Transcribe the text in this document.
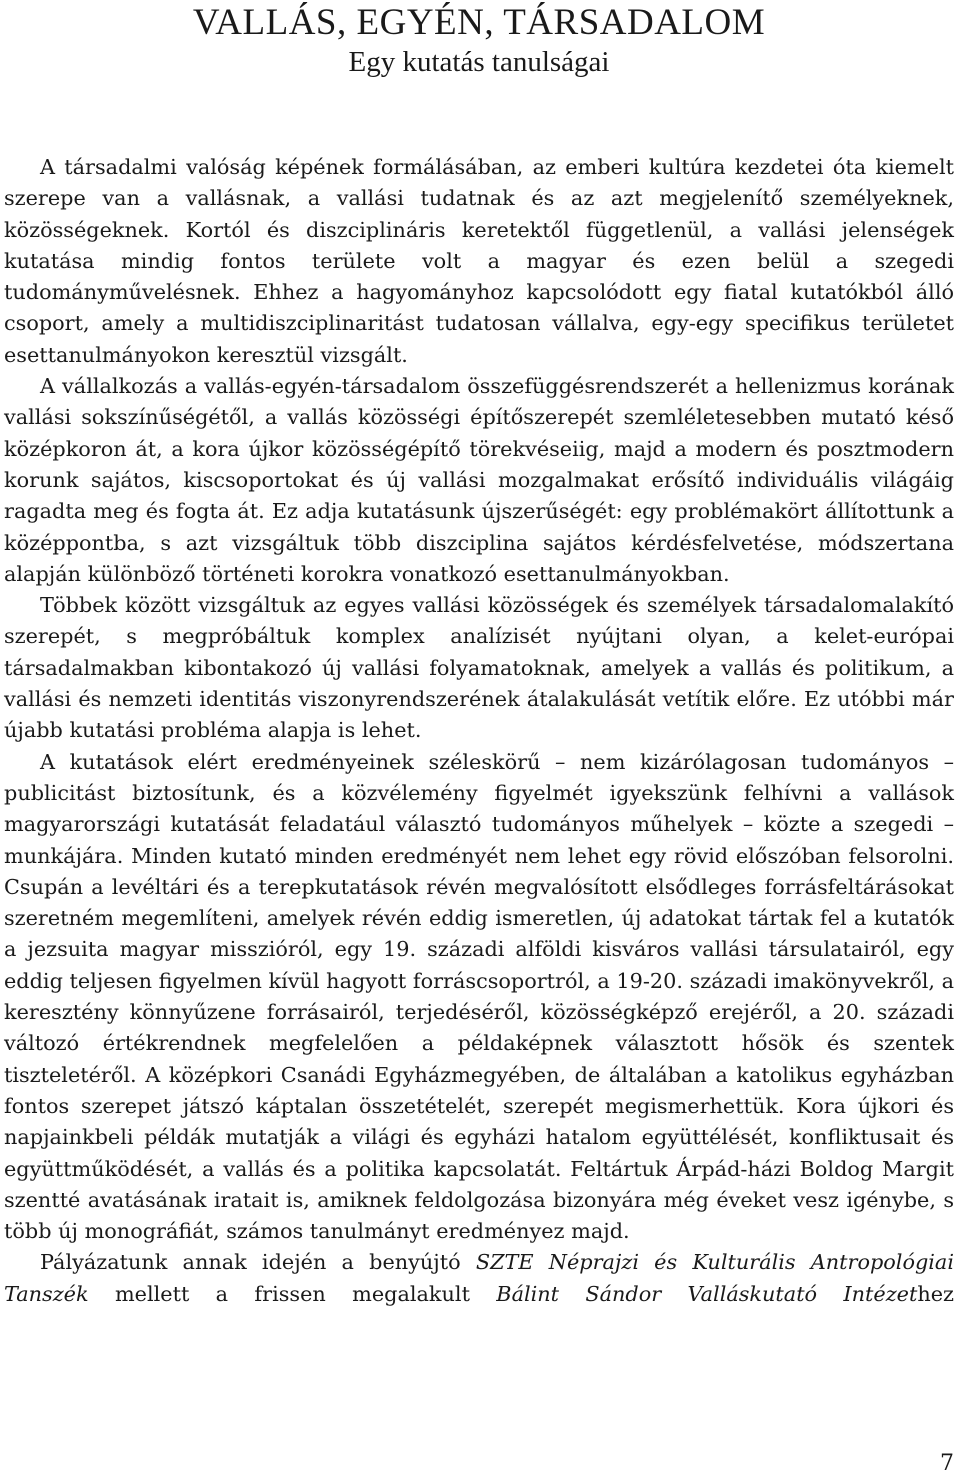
VALLÁS, EGYÉN, TÁRSADALOM
Egy kutatás tanulságai

A társadalmi valóság képének formálásában, az emberi kultúra kezdetei óta kiemelt szerepe van a vallásnak, a vallási tudatnak és az azt megjelenítő személyeknek, közösségeknek. Kortól és diszciplináris keretektől függetlenül, a vallási jelenségek kutatása mindig fontos területe volt a magyar és ezen belül a szegedi tudományművelésnek. Ehhez a hagyományhoz kapcsolódott egy fiatal kutatókból álló csoport, amely a multidiszciplinaritást tudatosan vállalva, egy-egy specifikus területet esettanulmányokon keresztül vizsgált.

A vállalkozás a vallás-egyén-társadalom összefüggésrendszerét a hellenizmus korának vallási sokszínűségétől, a vallás közösségi építőszerepét szemléletesebben mutató késő középkoron át, a kora újkor közösségépítő törekvéseiig, majd a modern és posztmodern korunk sajátos, kiscsoportokat és új vallási mozgalmakat erősítő individuális világáig ragadta meg és fogta át. Ez adja kutatásunk újszerűségét: egy problémakört állítottunk a középpontba, s azt vizsgáltuk több diszciplina sajátos kérdésfelvetése, módszertana alapján különböző történeti korokra vonatkozó esettanulmányokban.

Többek között vizsgáltuk az egyes vallási közösségek és személyek társadalomalakító szerepét, s megpróbáltuk komplex analízisét nyújtani olyan, a kelet-európai társadalmakban kibontakozó új vallási folyamatoknak, amelyek a vallás és politikum, a vallási és nemzeti identitás viszonyrendszerének átalakulását vetítik előre. Ez utóbbi már újabb kutatási probléma alapja is lehet.

A kutatások elért eredményeinek széleskörű – nem kizárólagosan tudományos – publicitást biztosítunk, és a közvélemény figyelmét igyekszünk felhívni a vallások magyarországi kutatását feladatául választó tudományos műhelyek – közte a szegedi – munkájára. Minden kutató minden eredményét nem lehet egy rövid előszóban felsorolni. Csupán a levéltári és a terepkutatások révén megvalósított elsődleges forrásfeltárásokat szeretném megemlíteni, amelyek révén eddig ismeretlen, új adatokat tártak fel a kutatók a jezsuita magyar misszióról, egy 19. századi alföldi kisváros vallási társulatairól, egy eddig teljesen figyelmen kívül hagyott forráscsoportról, a 19-20. századi imakönyvekről, a keresztény könnyűzene forrásairól, terjedéséről, közösségképző erejéről, a 20. századi változó értékrendnek megfelelően a példaképnek választott hősök és szentek tiszteletéről. A középkori Csanádi Egyházmegyében, de általában a katolikus egyházban fontos szerepet játszó káptalan összetételét, szerepét megismerhettük. Kora újkori és napjainkbeli példák mutatják a világi és egyházi hatalom együttélését, konfliktusait és együttműködését, a vallás és a politika kapcsolatát. Feltártuk Árpád-házi Boldog Margit szentté avatásának iratait is, amiknek feldolgozása bizonyára még éveket vesz igénybe, s több új monográfiát, számos tanulmányt eredményez majd.

Pályázatunk annak idején a benyújtó SZTE Néprajzi és Kulturális Antropológiai Tanszék mellett a frissen megalakult Bálint Sándor Valláskutató Intézethez

7
